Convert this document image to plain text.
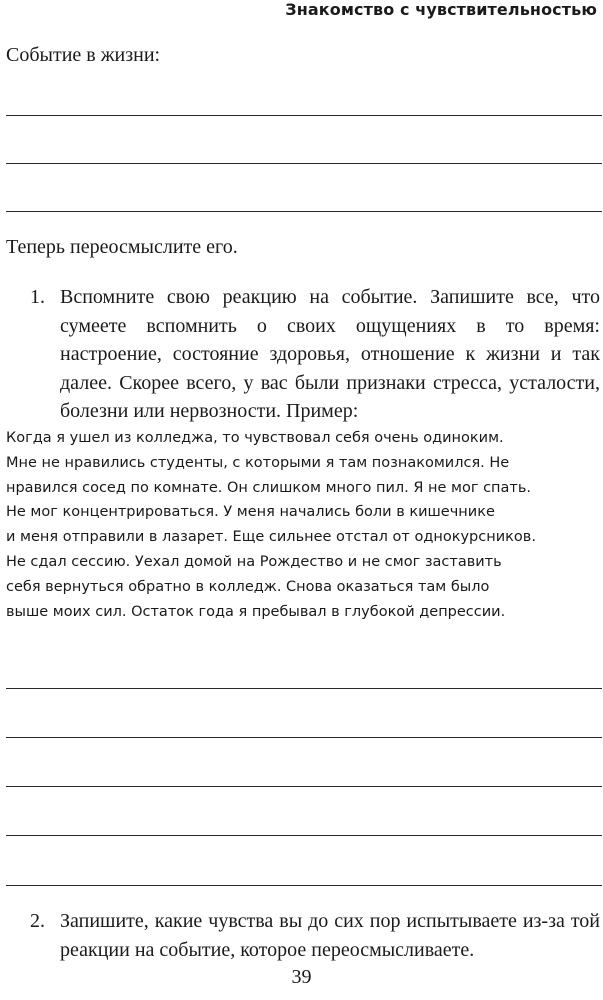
Знакомство с чувствительностью
Событие в жизни:
Теперь переосмыслите его.
1. Вспомните свою реакцию на событие. Запишите все, что сумеете вспомнить о своих ощущениях в то время: настроение, состояние здоровья, отношение к жизни и так далее. Скорее всего, у вас были признаки стресса, усталости, болезни или нервозности. Пример:
Когда я ушел из колледжа, то чувствовал себя очень одиноким.
Мне не нравились студенты, с которыми я там познакомился. Не
нравился сосед по комнате. Он слишком много пил. Я не мог спать.
Не мог концентрироваться. У меня начались боли в кишечнике
и меня отправили в лазарет. Еще сильнее отстал от однокурсников.
Не сдал сессию. Уехал домой на Рождество и не смог заставить
себя вернуться обратно в колледж. Снова оказаться там было
выше моих сил. Остаток года я пребывал в глубокой депрессии.
2. Запишите, какие чувства вы до сих пор испытываете из-за той реакции на событие, которое переосмысливаете.
39
